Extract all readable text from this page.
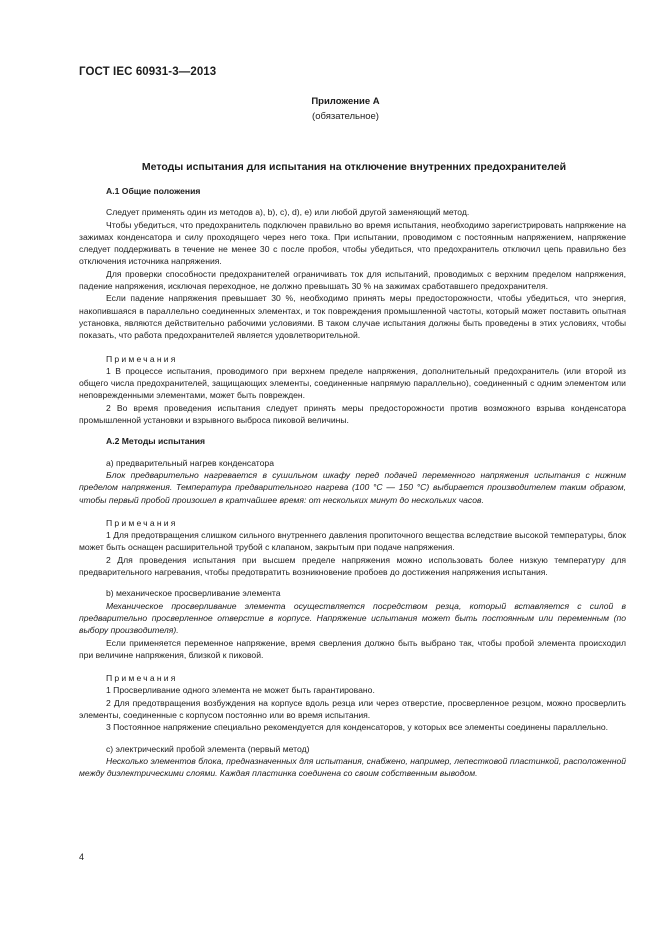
ГОСТ IEC 60931-3—2013
Приложение А
(обязательное)
Методы испытания для испытания на отключение внутренних предохранителей

А.1 Общие положения

Следует применять один из методов a), b), c), d), e) или любой другой заменяющий метод.

Чтобы убедиться, что предохранитель подключен правильно во время испытания, необходимо зарегистрировать напряжение на зажимах конденсатора и силу проходящего через него тока. При испытании, проводимом с постоянным напряжением, напряжение следует поддерживать в течение не менее 30 с после пробоя, чтобы убедиться, что предохранитель отключил цепь правильно без отключения источника напряжения.

Для проверки способности предохранителей ограничивать ток для испытаний, проводимых с верхним пределом напряжения, падение напряжения, исключая переходное, не должно превышать 30 % на зажимах сработавшего предохранителя.

Если падение напряжения превышает 30 %, необходимо принять меры предосторожности, чтобы убедиться, что энергия, накопившаяся в параллельно соединенных элементах, и ток повреждения промышленной частоты, который может поставить опытная установка, являются действительно рабочими условиями. В таком случае испытания должны быть проведены в этих условиях, чтобы показать, что работа предохранителей является удовлетворительной.

Примечания

1 В процессе испытания, проводимого при верхнем пределе напряжения, дополнительный предохранитель (или второй из общего числа предохранителей, защищающих элементы, соединенные напрямую параллельно), соединенный с одним элементом или неповрежденными элементами, может быть поврежден.

2 Во время проведения испытания следует принять меры предосторожности против возможного взрыва конденсатора промышленной установки и взрывного выброса пиковой величины.

А.2 Методы испытания

a) предварительный нагрев конденсатора

Блок предварительно нагревается в сушильном шкафу перед подачей переменного напряжения испытания с нижним пределом напряжения. Температура предварительного нагрева (100 °С — 150 °С) выбирается производителем таким образом, чтобы первый пробой произошел в кратчайшее время: от нескольких минут до нескольких часов.

Примечания

1 Для предотвращения слишком сильного внутреннего давления пропиточного вещества вследствие высокой температуры, блок может быть оснащен расширительной трубой с клапаном, закрытым при подаче напряжения.

2 Для проведения испытания при высшем пределе напряжения можно использовать более низкую температуру для предварительного нагревания, чтобы предотвратить возникновение пробоев до достижения напряжения испытания.

b) механическое просверливание элемента

Механическое просверливание элемента осуществляется посредством резца, который вставляется с силой в предварительно просверленное отверстие в корпусе. Напряжение испытания может быть постоянным или переменным (по выбору производителя).

Если применяется переменное напряжение, время сверления должно быть выбрано так, чтобы пробой элемента происходил при величине напряжения, близкой к пиковой.

Примечания

1 Просверливание одного элемента не может быть гарантировано.

2 Для предотвращения возбуждения на корпусе вдоль резца или через отверстие, просверленное резцом, можно просверлить элементы, соединенные с корпусом постоянно или во время испытания.

3 Постоянное напряжение специально рекомендуется для конденсаторов, у которых все элементы соединены параллельно.

c) электрический пробой элемента (первый метод)

Несколько элементов блока, предназначенных для испытания, снабжено, например, лепестковой пластинкой, расположенной между диэлектрическими слоями. Каждая пластинка соединена со своим собственным выводом.

4
